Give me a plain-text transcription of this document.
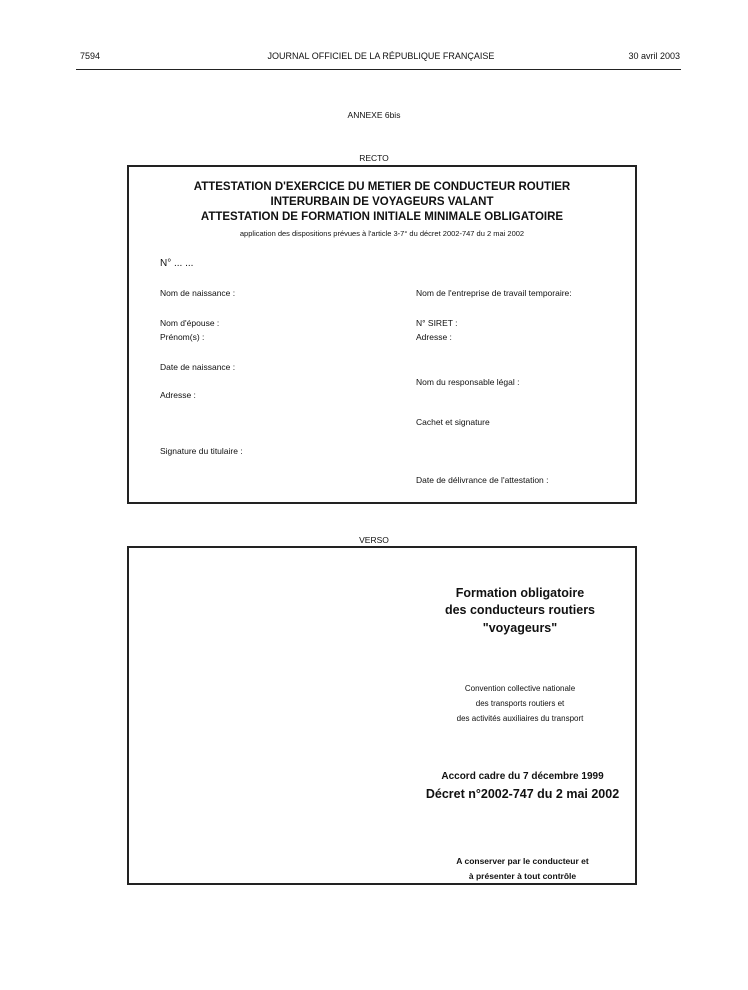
7594	JOURNAL OFFICIEL DE LA RÉPUBLIQUE FRANÇAISE	30 avril 2003
ANNEXE 6bis
RECTO
ATTESTATION D'EXERCICE DU METIER DE CONDUCTEUR ROUTIER
INTERURBAIN DE VOYAGEURS VALANT
ATTESTATION DE FORMATION INITIALE MINIMALE OBLIGATOIRE
application des dispositions prévues à l'article 3-7° du décret 2002-747 du 2 mai 2002
N° ... ...
Nom de naissance :
Nom d'épouse :
Prénom(s) :
Date de naissance :
Adresse :
Signature du titulaire :
Nom de l'entreprise de travail temporaire:
N° SIRET :
Adresse :
Nom du responsable légal :
Cachet et signature
Date de délivrance de l'attestation :
VERSO
Formation obligatoire
des conducteurs routiers
"voyageurs"
Convention collective nationale
des transports routiers et
des activités auxiliaires du transport
Accord cadre du 7 décembre 1999
Décret n°2002-747 du 2 mai 2002
A conserver par le conducteur et
à présenter à tout contrôle
